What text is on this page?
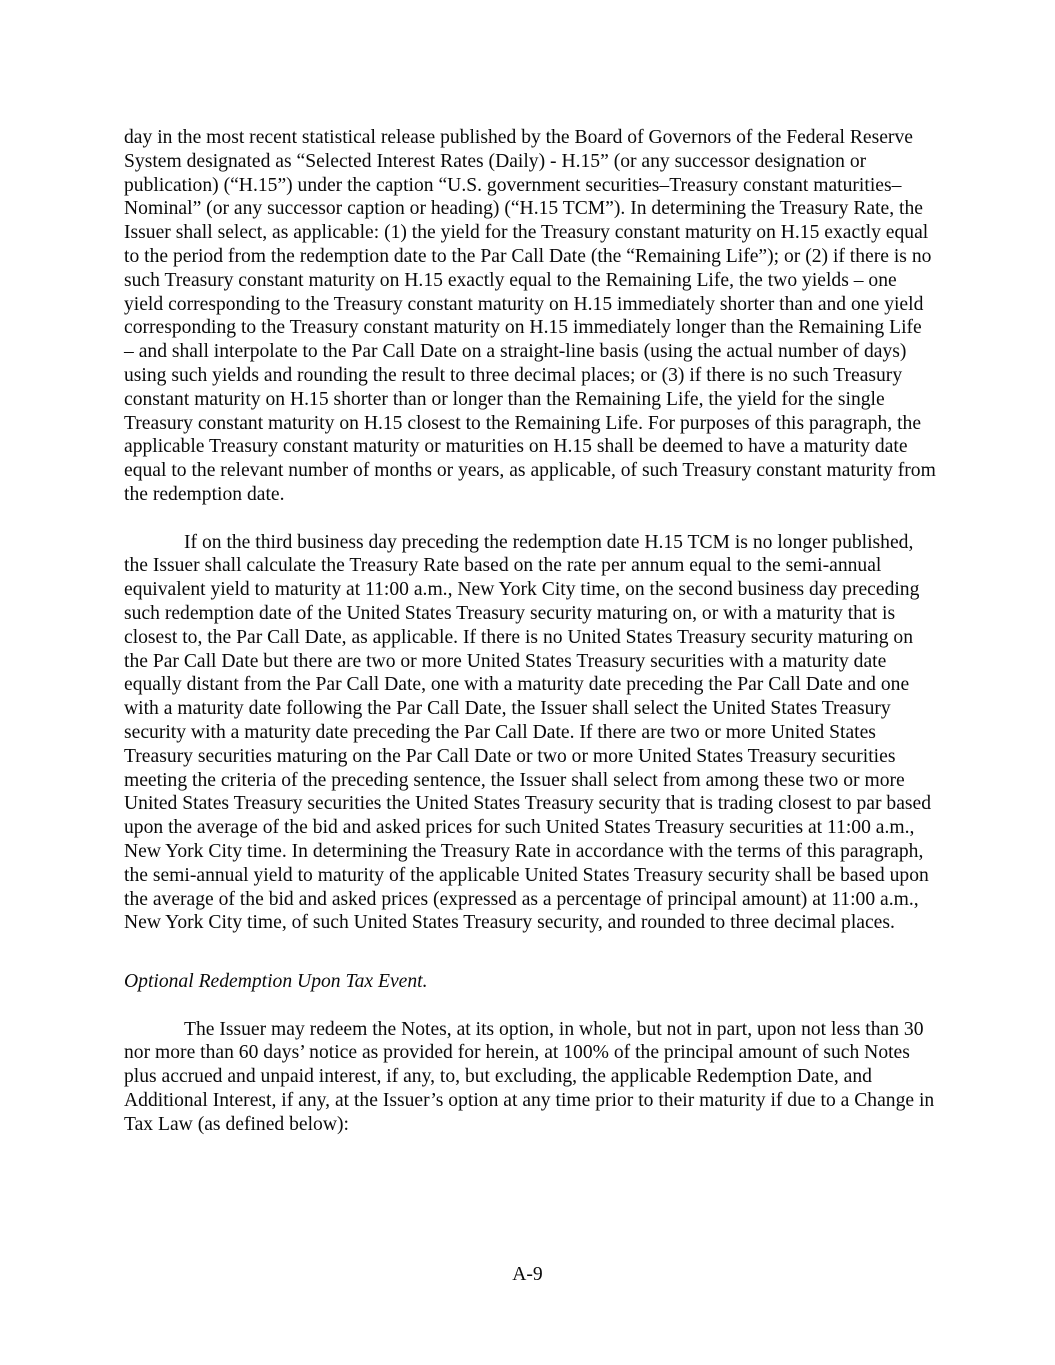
day in the most recent statistical release published by the Board of Governors of the Federal Reserve System designated as “Selected Interest Rates (Daily) - H.15” (or any successor designation or publication) (“H.15”) under the caption “U.S. government securities–Treasury constant maturities–Nominal” (or any successor caption or heading) (“H.15 TCM”). In determining the Treasury Rate, the Issuer shall select, as applicable: (1) the yield for the Treasury constant maturity on H.15 exactly equal to the period from the redemption date to the Par Call Date (the “Remaining Life”); or (2) if there is no such Treasury constant maturity on H.15 exactly equal to the Remaining Life, the two yields – one yield corresponding to the Treasury constant maturity on H.15 immediately shorter than and one yield corresponding to the Treasury constant maturity on H.15 immediately longer than the Remaining Life – and shall interpolate to the Par Call Date on a straight-line basis (using the actual number of days) using such yields and rounding the result to three decimal places; or (3) if there is no such Treasury constant maturity on H.15 shorter than or longer than the Remaining Life, the yield for the single Treasury constant maturity on H.15 closest to the Remaining Life. For purposes of this paragraph, the applicable Treasury constant maturity or maturities on H.15 shall be deemed to have a maturity date equal to the relevant number of months or years, as applicable, of such Treasury constant maturity from the redemption date.

If on the third business day preceding the redemption date H.15 TCM is no longer published, the Issuer shall calculate the Treasury Rate based on the rate per annum equal to the semi-annual equivalent yield to maturity at 11:00 a.m., New York City time, on the second business day preceding such redemption date of the United States Treasury security maturing on, or with a maturity that is closest to, the Par Call Date, as applicable. If there is no United States Treasury security maturing on the Par Call Date but there are two or more United States Treasury securities with a maturity date equally distant from the Par Call Date, one with a maturity date preceding the Par Call Date and one with a maturity date following the Par Call Date, the Issuer shall select the United States Treasury security with a maturity date preceding the Par Call Date. If there are two or more United States Treasury securities maturing on the Par Call Date or two or more United States Treasury securities meeting the criteria of the preceding sentence, the Issuer shall select from among these two or more United States Treasury securities the United States Treasury security that is trading closest to par based upon the average of the bid and asked prices for such United States Treasury securities at 11:00 a.m., New York City time. In determining the Treasury Rate in accordance with the terms of this paragraph, the semi-annual yield to maturity of the applicable United States Treasury security shall be based upon the average of the bid and asked prices (expressed as a percentage of principal amount) at 11:00 a.m., New York City time, of such United States Treasury security, and rounded to three decimal places.

Optional Redemption Upon Tax Event.

The Issuer may redeem the Notes, at its option, in whole, but not in part, upon not less than 30 nor more than 60 days’ notice as provided for herein, at 100% of the principal amount of such Notes plus accrued and unpaid interest, if any, to, but excluding, the applicable Redemption Date, and Additional Interest, if any, at the Issuer’s option at any time prior to their maturity if due to a Change in Tax Law (as defined below):

A-9
